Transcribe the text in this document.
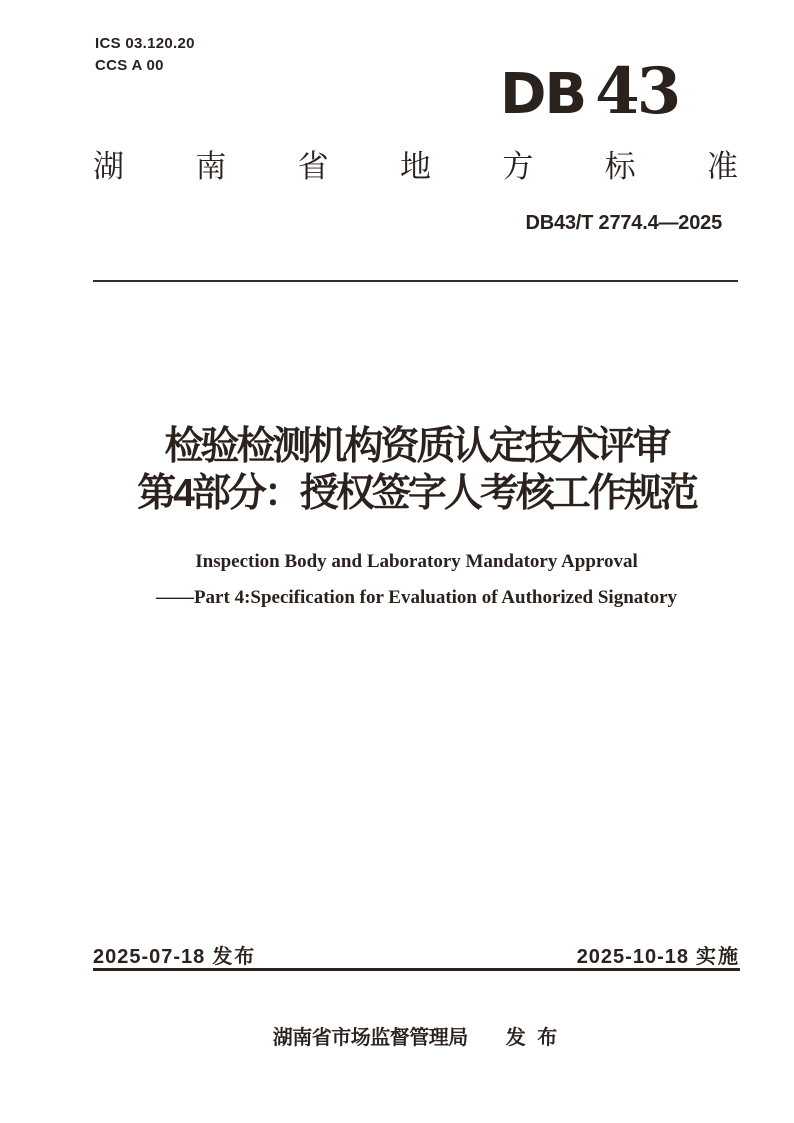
ICS 03.120.20
CCS A 00	DB 43
湖南省地方标准
DB43/T 2774.4—2025
检验检测机构资质认定技术评审
第4部分：授权签字人考核工作规范
Inspection Body and Laboratory Mandatory Approval
——Part 4:Specification for Evaluation of Authorized Signatory
2025-07-18 发布	2025-10-18 实施
湖南省市场监督管理局 发 布
